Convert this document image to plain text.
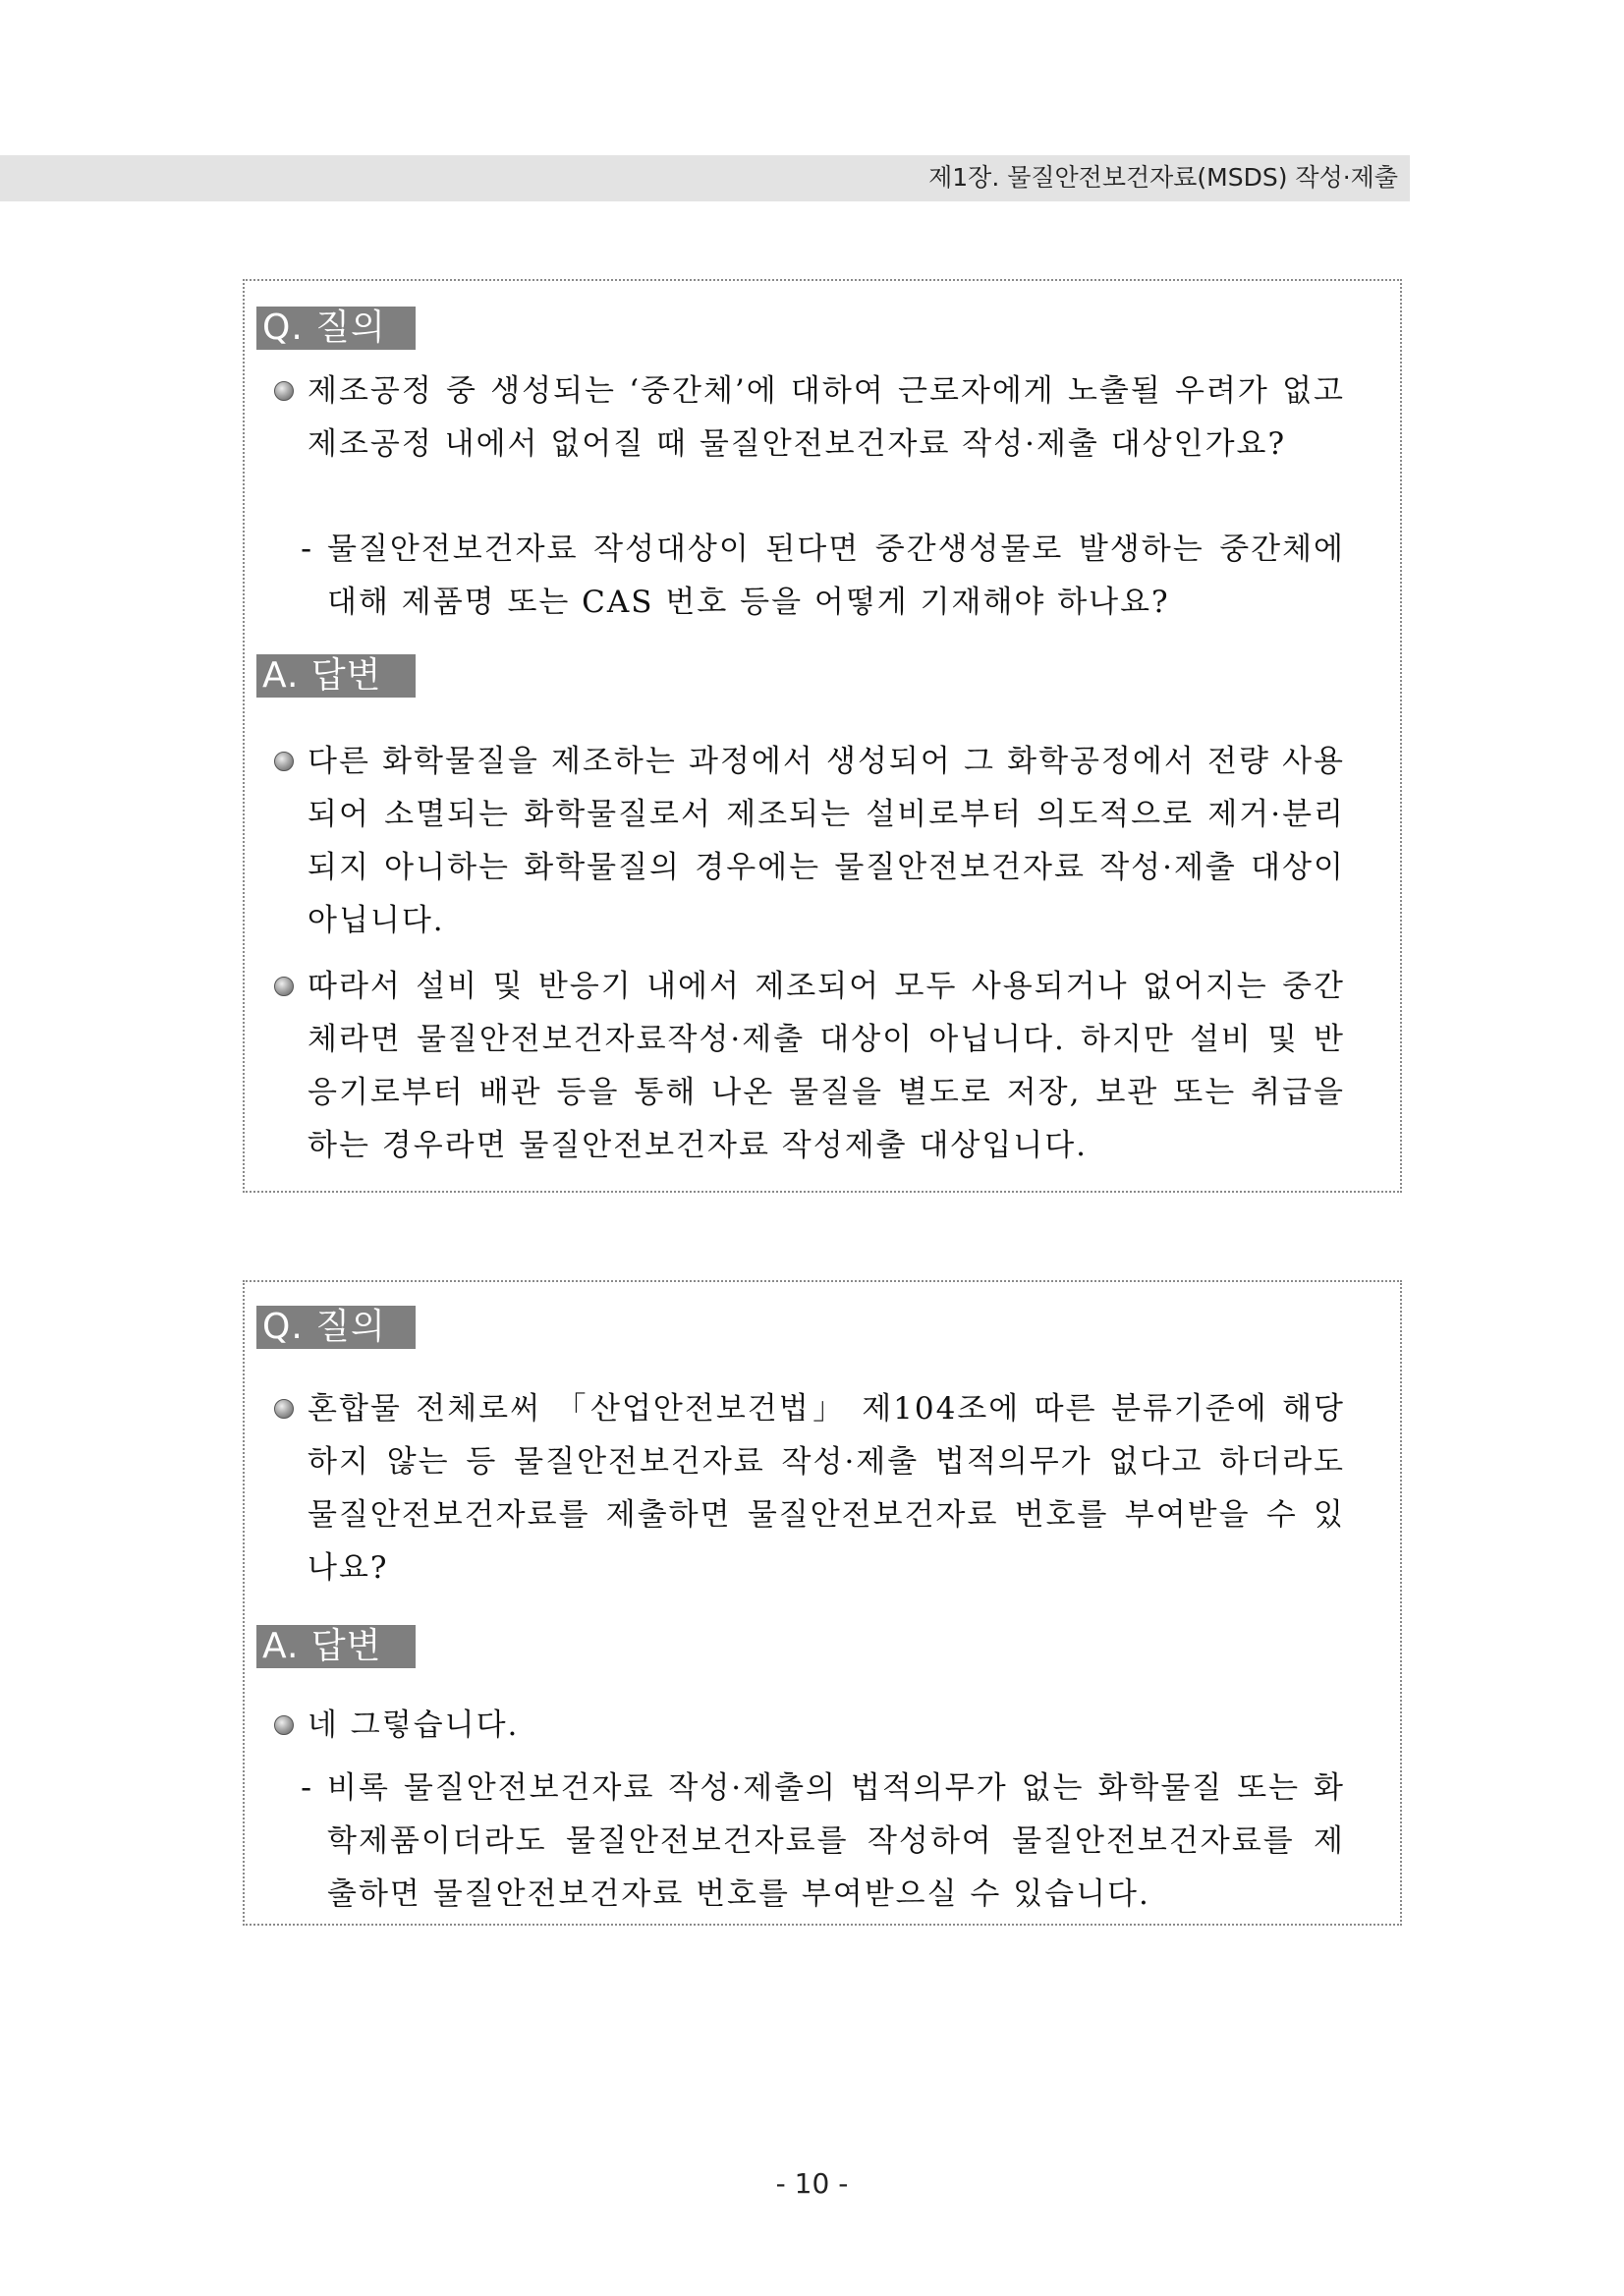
제1장. 물질안전보건자료(MSDS) 작성·제출
Q. 질의
제조공정 중 생성되는 ‘중간체’에 대하여 근로자에게 노출될 우려가 없고 제조공정 내에서 없어질 때 물질안전보건자료 작성·제출 대상인가요?
- 물질안전보건자료 작성대상이 된다면 중간생성물로 발생하는 중간체에 대해 제품명 또는 CAS 번호 등을 어떻게 기재해야 하나요?
A. 답변
다른 화학물질을 제조하는 과정에서 생성되어 그 화학공정에서 전량 사용되어 소멸되는 화학물질로서 제조되는 설비로부터 의도적으로 제거·분리되지 아니하는 화학물질의 경우에는 물질안전보건자료 작성·제출 대상이 아닙니다.
따라서 설비 및 반응기 내에서 제조되어 모두 사용되거나 없어지는 중간체라면 물질안전보건자료작성·제출 대상이 아닙니다. 하지만 설비 및 반응기로부터 배관 등을 통해 나온 물질을 별도로 저장, 보관 또는 취급을 하는 경우라면 물질안전보건자료 작성제출 대상입니다.
Q. 질의
혼합물 전체로써 「산업안전보건법」 제104조에 따른 분류기준에 해당하지 않는 등 물질안전보건자료 작성·제출 법적의무가 없다고 하더라도 물질안전보건자료를 제출하면 물질안전보건자료 번호를 부여받을 수 있나요?
A. 답변
네 그렇습니다.
- 비록 물질안전보건자료 작성·제출의 법적의무가 없는 화학물질 또는 화학제품이더라도 물질안전보건자료를 작성하여 물질안전보건자료를 제출하면 물질안전보건자료 번호를 부여받으실 수 있습니다.
- 10 -
